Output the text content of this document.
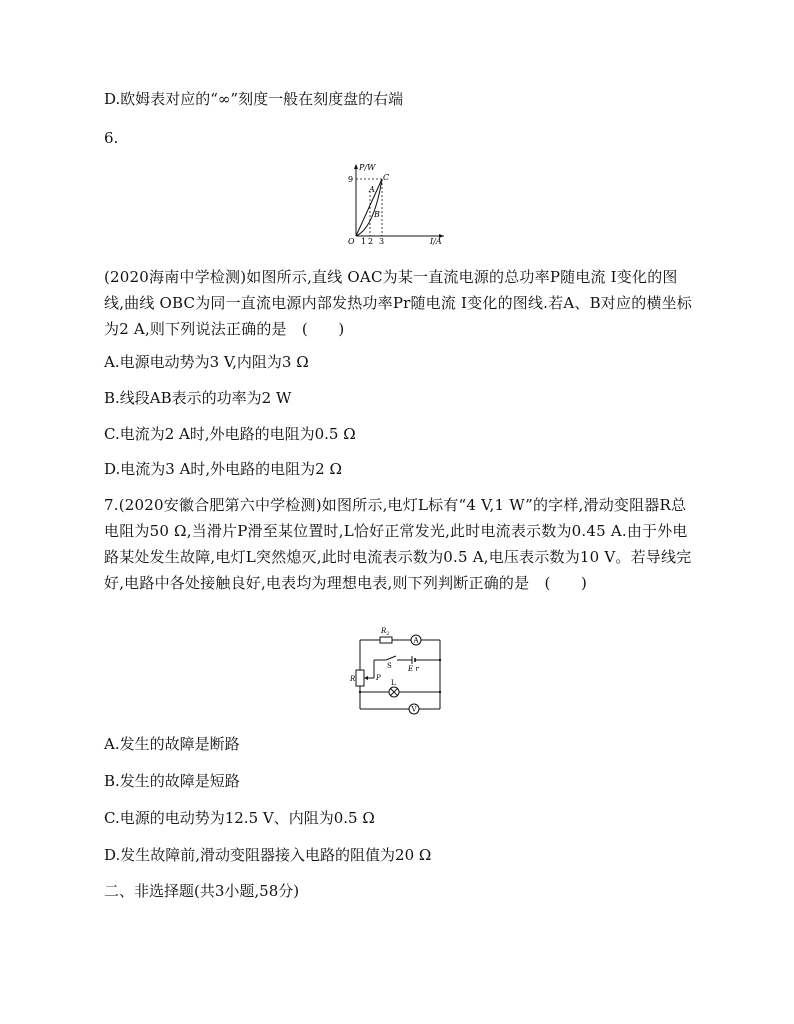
D.欧姆表对应的“∞”刻度一般在刻度盘的右端
6.
P/W
I/A
O
9
1 2 3
A
B
C
(2020海南中学检测)如图所示,直线 OAC为某一直流电源的总功率P随电流 I变化的图线,曲线 OBC为同一直流电源内部发热功率Pr随电流 I变化的图线.若A、B对应的横坐标为2 A,则下列说法正确的是　(　　)
A.电源电动势为3 V,内阻为3 Ω
B.线段AB表示的功率为2 W
C.电流为2 A时,外电路的电阻为0.5 Ω
D.电流为3 A时,外电路的电阻为2 Ω
7.(2020安徽合肥第六中学检测)如图所示,电灯L标有“4 V,1 W”的字样,滑动变阻器R总电阻为50 Ω,当滑片P滑至某位置时,L恰好正常发光,此时电流表示数为0.45 A.由于外电路某处发生故障,电灯L突然熄灭,此时电流表示数为0.5 A,电压表示数为10 V。若导线完好,电路中各处接触良好,电表均为理想电表,则下列判断正确的是　(　　)
R 2
A
S E r
R	P
L
V
A.发生的故障是断路
B.发生的故障是短路
C.电源的电动势为12.5 V、内阻为0.5 Ω
D.发生故障前,滑动变阻器接入电路的阻值为20 Ω
二、非选择题(共3小题,58分)
